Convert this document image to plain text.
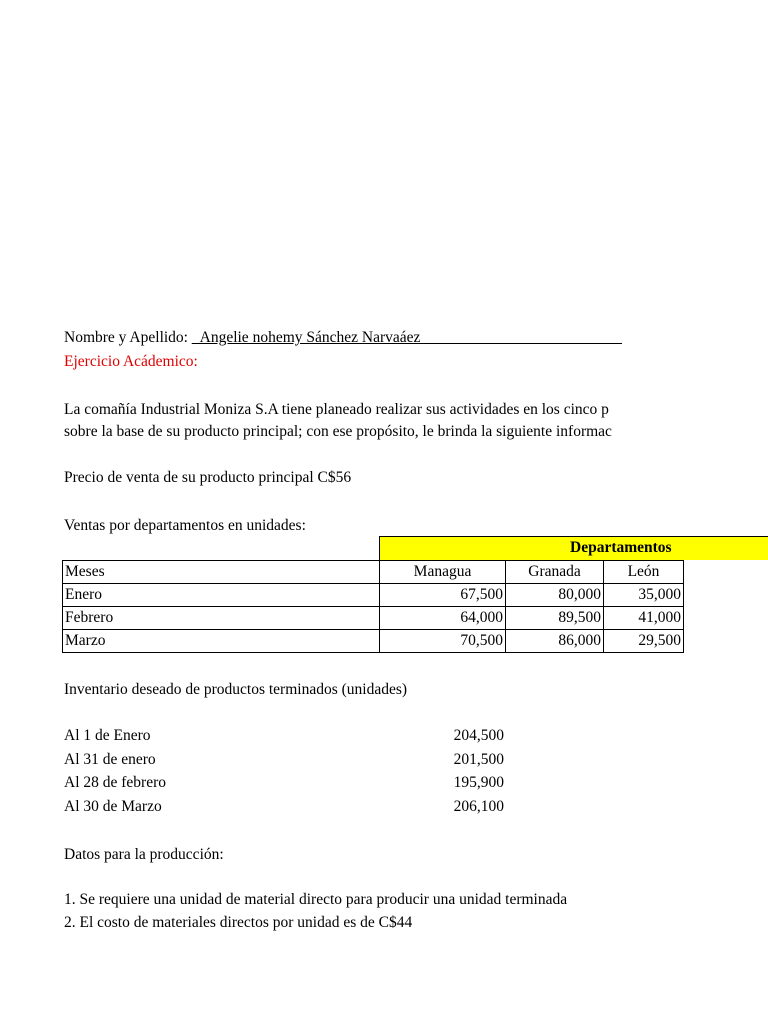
Nombre y Apellido: _Angelie nohemy Sánchez Narvaáez__________________________
Ejercicio Acádemico:
La comañía Industrial Moniza S.A tiene planeado realizar sus actividades en los cinco p
sobre la base de su producto principal; con ese propósito, le brinda la siguiente informac
Precio de venta de su producto principal C$56
Ventas por departamentos en unidades:
Departamentos
Meses	Managua	Granada	León
Enero	67,500	80,000	35,000
Febrero	64,000	89,500	41,000
Marzo	70,500	86,000	29,500
Inventario deseado de productos terminados (unidades)
Al 1 de Enero	204,500
Al 31 de enero	201,500
Al 28 de febrero	195,900
Al 30 de Marzo	206,100
Datos para la producción:
1. Se requiere una unidad de material directo para producir una unidad terminada
2. El costo de materiales directos por unidad es de C$44
